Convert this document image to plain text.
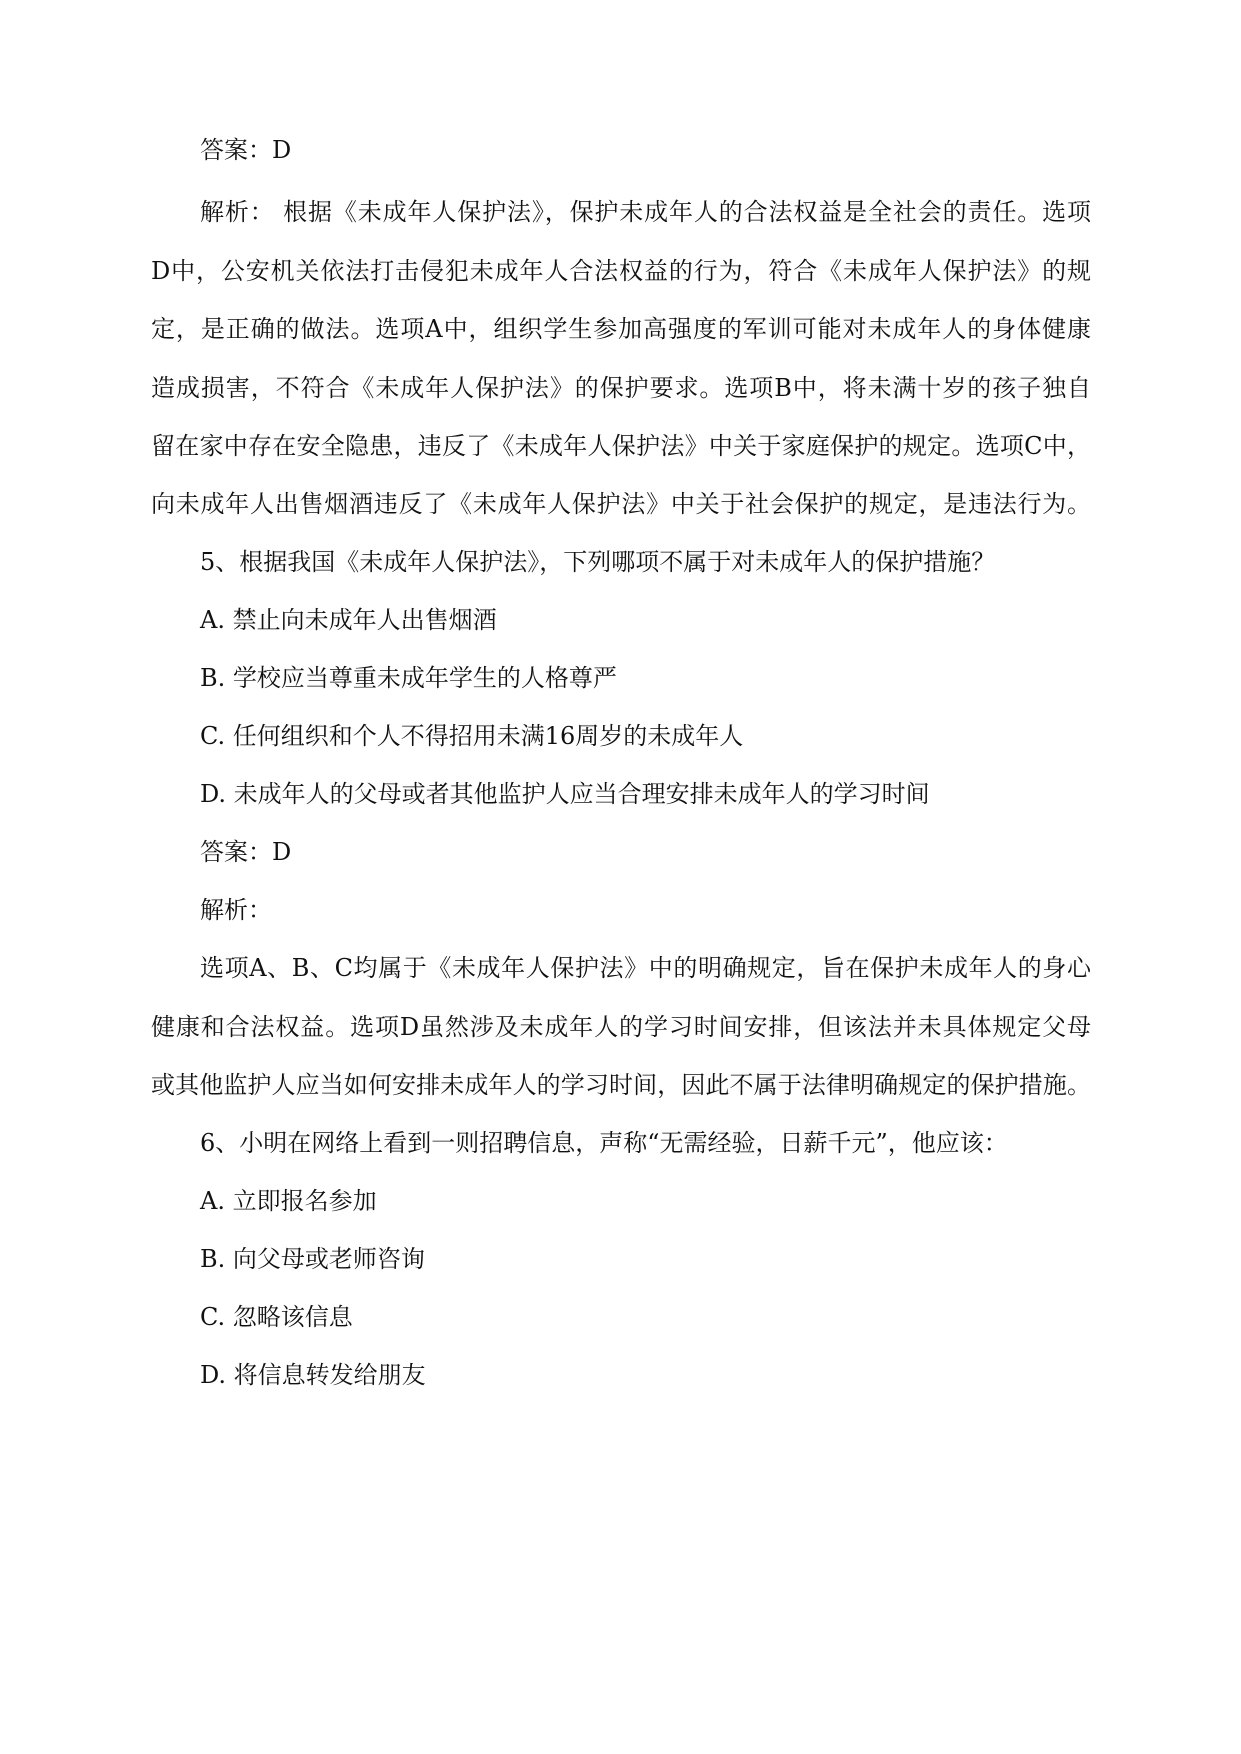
答案：D
解析： 根据《未成年人保护法》，保护未成年人的合法权益是全社会的责任。选项
D中，公安机关依法打击侵犯未成年人合法权益的行为，符合《未成年人保护法》的规
定，是正确的做法。选项A中，组织学生参加高强度的军训可能对未成年人的身体健康
造成损害，不符合《未成年人保护法》的保护要求。选项B中，将未满十岁的孩子独自
留在家中存在安全隐患，违反了《未成年人保护法》中关于家庭保护的规定。选项C中，
向未成年人出售烟酒违反了《未成年人保护法》中关于社会保护的规定，是违法行为。
5、根据我国《未成年人保护法》，下列哪项不属于对未成年人的保护措施？
A. 禁止向未成年人出售烟酒
B. 学校应当尊重未成年学生的人格尊严
C. 任何组织和个人不得招用未满16周岁的未成年人
D. 未成年人的父母或者其他监护人应当合理安排未成年人的学习时间
答案：D
解析：
选项A、B、C均属于《未成年人保护法》中的明确规定，旨在保护未成年人的身心
健康和合法权益。选项D虽然涉及未成年人的学习时间安排，但该法并未具体规定父母
或其他监护人应当如何安排未成年人的学习时间，因此不属于法律明确规定的保护措施。
6、小明在网络上看到一则招聘信息，声称“无需经验，日薪千元”，他应该：
A. 立即报名参加
B. 向父母或老师咨询
C. 忽略该信息
D. 将信息转发给朋友
